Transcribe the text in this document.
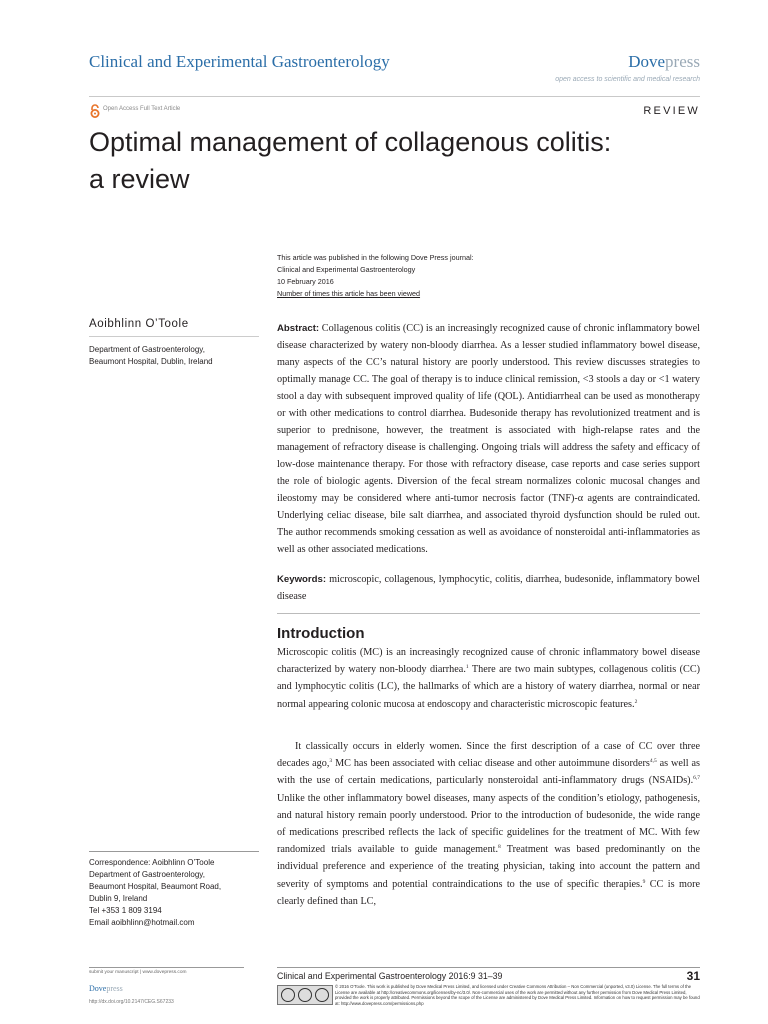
Clinical and Experimental Gastroenterology	Dovepress
open access to scientific and medical research
Open Access Full Text Article	REVIEW
Optimal management of collagenous colitis:
a review
This article was published in the following Dove Press journal:
Clinical and Experimental Gastroenterology
10 February 2016
Number of times this article has been viewed
Aoibhlinn O’Toole
Department of Gastroenterology,
Beaumont Hospital, Dublin, Ireland
Abstract: Collagenous colitis (CC) is an increasingly recognized cause of chronic inflammatory bowel disease characterized by watery non-bloody diarrhea. As a lesser studied inflammatory bowel disease, many aspects of the CC’s natural history are poorly understood. This review discusses strategies to optimally manage CC. The goal of therapy is to induce clinical remission, <3 stools a day or <1 watery stool a day with subsequent improved quality of life (QOL). Antidiarrheal can be used as monotherapy or with other medications to control diarrhea. Budesonide therapy has revolutionized treatment and is superior to prednisone, however, the treatment is associated with high-relapse rates and the management of refractory disease is challenging. Ongoing trials will address the safety and efficacy of low-dose maintenance therapy. For those with refractory disease, case reports and case series support the role of biologic agents. Diversion of the fecal stream normalizes colonic mucosal changes and ileostomy may be considered where anti-tumor necrosis factor (TNF)-α agents are contraindicated. Underlying celiac disease, bile salt diarrhea, and associated thyroid dysfunction should be ruled out. The author recommends smoking cessation as well as avoidance of nonsteroidal anti-inflammatories as well as other associated medications.
Keywords: microscopic, collagenous, lymphocytic, colitis, diarrhea, budesonide, inflammatory bowel disease
Introduction
Microscopic colitis (MC) is an increasingly recognized cause of chronic inflammatory bowel disease characterized by watery non-bloody diarrhea.$^1$ There are two main subtypes, collagenous colitis (CC) and lymphocytic colitis (LC), the hallmarks of which are a history of watery diarrhea, normal or near normal appearing colonic mucosa at endoscopy and characteristic microscopic features.$^2$
It classically occurs in elderly women. Since the first description of a case of CC over three decades ago,$^3$ MC has been associated with celiac disease and other autoimmune disorders$^{4,5}$ as well as with the use of certain medications, particularly nonsteroidal anti-inflammatory drugs (NSAIDs).$^{6,7}$ Unlike the other inflammatory bowel diseases, many aspects of the condition’s etiology, pathogenesis, and natural history remain poorly understood. Prior to the introduction of budesonide, the wide range of medications prescribed reflects the lack of specific guidelines for the treatment of MC. With few randomized trials available to guide management.$^8$ Treatment was based predominantly on the individual preference and experience of the treating physician, taking into account the pattern and severity of symptoms and potential contraindications to the use of specific therapies.$^9$ CC is more clearly defined than LC,
Correspondence: Aoibhlinn O’Toole
Department of Gastroenterology,
Beaumont Hospital, Beaumont Road,
Dublin 9, Ireland
Tel +353 1 809 3194
Email aoibhlinn@hotmail.com
submit your manuscript | www.dovepress.com
Dovepress
http://dx.doi.org/10.2147/CEG.S67233
Clinical and Experimental Gastroenterology 2016:9 31–39	31
© 2016 O’Toole. This work is published by Dove Medical Press Limited, and licensed under Creative Commons Attribution – Non Commercial (unported, v3.0) License. The full terms of the License are available at http://creativecommons.org/licenses/by-nc/3.0/. Non-commercial uses of the work are permitted without any further permission from Dove Medical Press Limited, provided the work is properly attributed. Permissions beyond the scope of the License are administered by Dove Medical Press Limited. Information on how to request permission may be found at: http://www.dovepress.com/permissions.php
